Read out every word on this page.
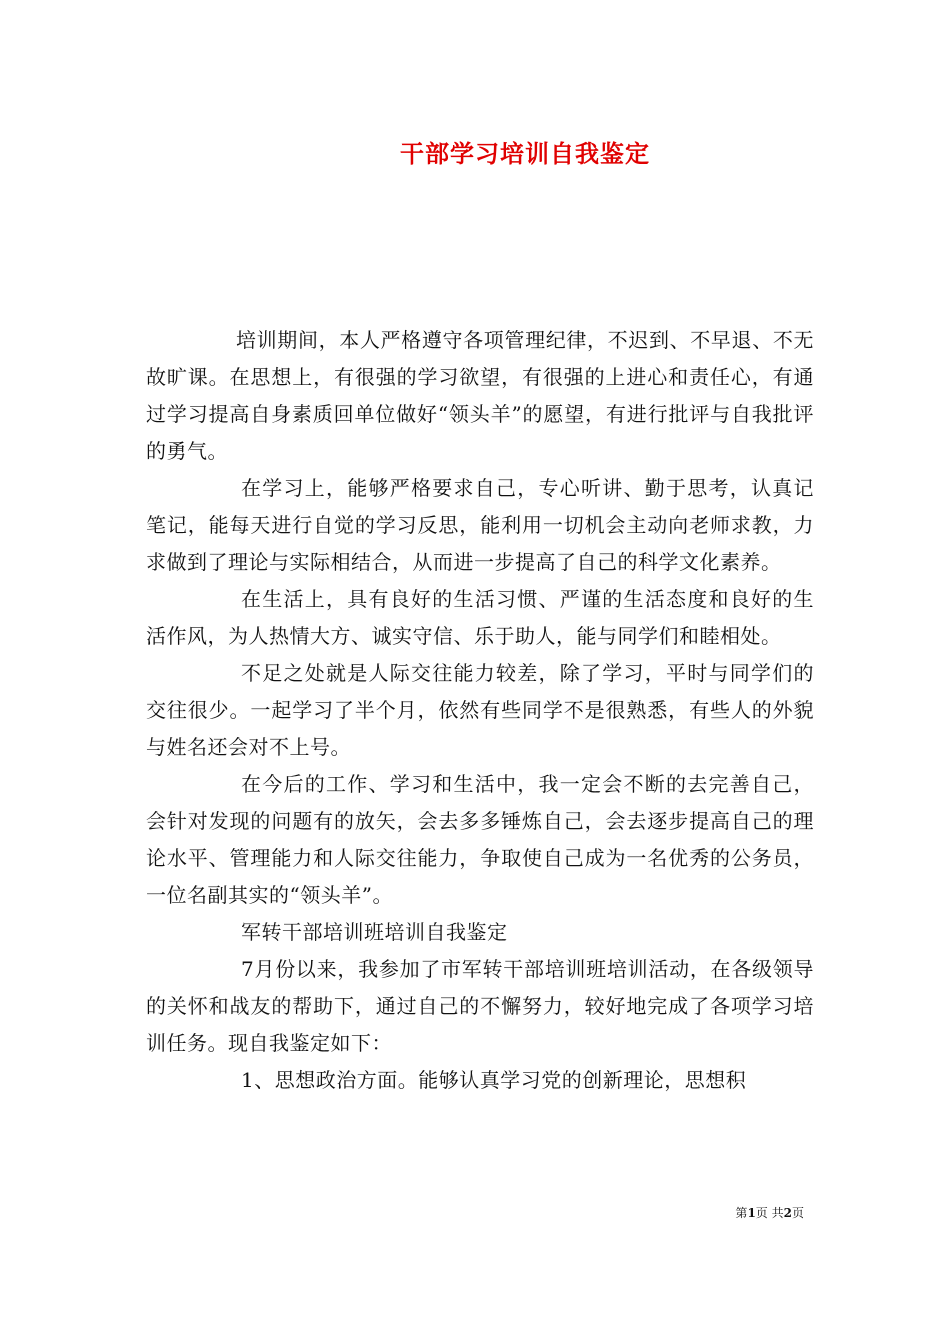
干部学习培训自我鉴定

培训期间，本人严格遵守各项管理纪律，不迟到、不早退、不无故旷课。在思想上，有很强的学习欲望，有很强的上进心和责任心，有通过学习提高自身素质回单位做好“领头羊”的愿望，有进行批评与自我批评的勇气。

在学习上，能够严格要求自己，专心听讲、勤于思考，认真记笔记，能每天进行自觉的学习反思，能利用一切机会主动向老师求教，力求做到了理论与实际相结合，从而进一步提高了自己的科学文化素养。

在生活上，具有良好的生活习惯、严谨的生活态度和良好的生活作风，为人热情大方、诚实守信、乐于助人，能与同学们和睦相处。

不足之处就是人际交往能力较差，除了学习，平时与同学们的交往很少。一起学习了半个月，依然有些同学不是很熟悉，有些人的外貌与姓名还会对不上号。

在今后的工作、学习和生活中，我一定会不断的去完善自己，会针对发现的问题有的放矢，会去多多锤炼自己，会去逐步提高自己的理论水平、管理能力和人际交往能力，争取使自己成为一名优秀的公务员，一位名副其实的“领头羊”。

军转干部培训班培训自我鉴定

7月份以来，我参加了市军转干部培训班培训活动，在各级领导的关怀和战友的帮助下，通过自己的不懈努力，较好地完成了各项学习培训任务。现自我鉴定如下：

1、思想政治方面。能够认真学习党的创新理论，思想积

第1页 共2页
